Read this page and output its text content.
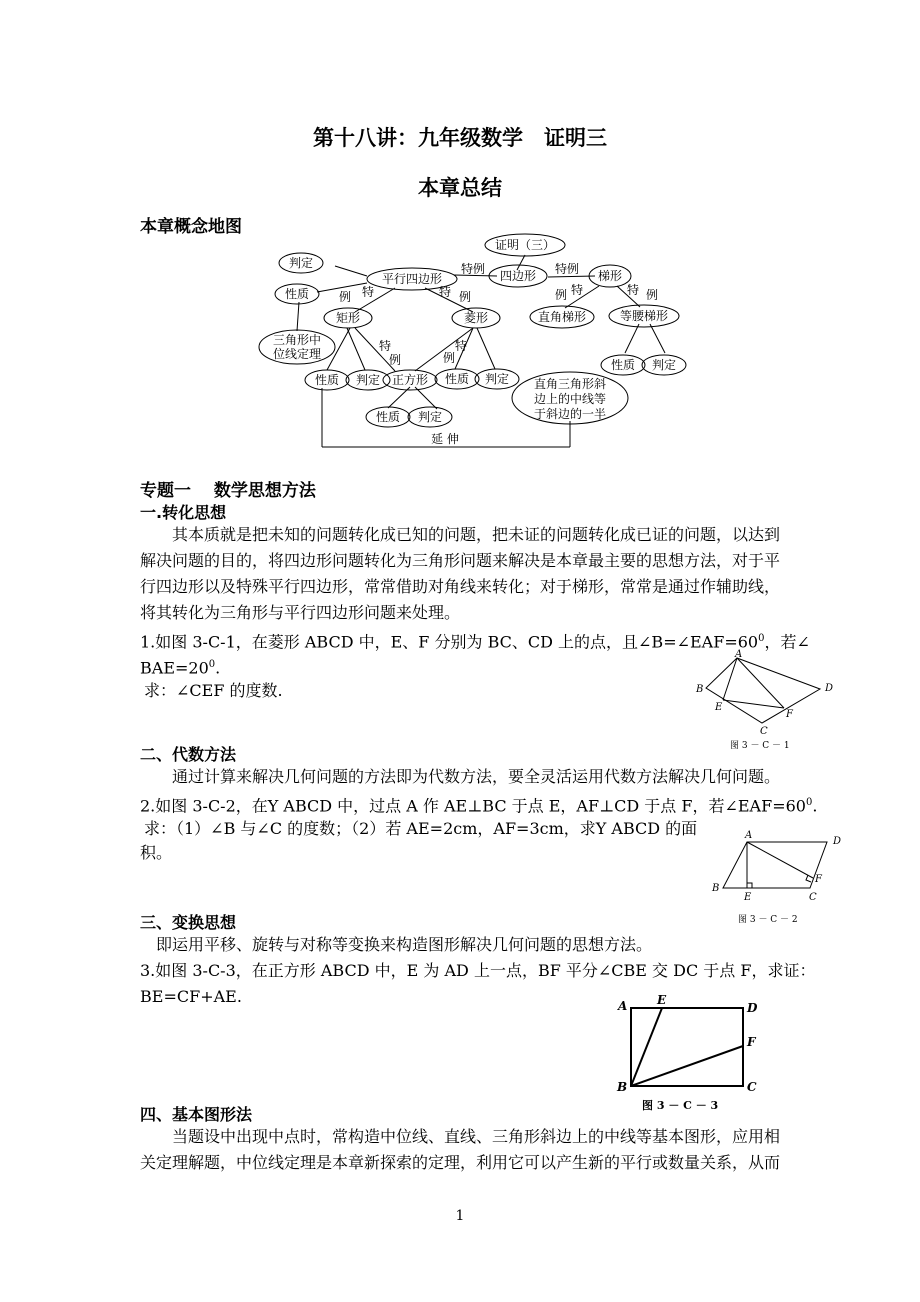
第十八讲：九年级数学　证明三
本章总结
本章概念地图
证明（三）
四边形
平行四边形	梯形
判定
性质
三角形中
位线定理
矩形	菱形
正方形
性质 判定	性质 判定
性质 判定
直角梯形	等腰梯形
性质 判定
直角三角形斜
边上的中线等
于斜边的一半
特例	特例
例 特	特 例
特
例
特
例
例 特	特 例
延 伸
专题一　 数学思想方法
一.转化思想
其本质就是把未知的问题转化成已知的问题，把未证的问题转化成已证的问题，以达到解决问题的目的，将四边形问题转化为三角形问题来解决是本章最主要的思想方法，对于平行四边形以及特殊平行四边形，常常借助对角线来转化；对于梯形，常常是通过作辅助线，将其转化为三角形与平行四边形问题来处理。
1.如图 3-C-1，在菱形 ABCD 中，E、F 分别为 BC、CD 上的点，且$\angle B=\angle EAF=60^0$，若∠
$BAE=20^0$.
求：∠CEF 的度数.
A
B
C
D
E
F
图 3 － C － 1
二、代数方法
通过计算来解决几何问题的方法即为代数方法，要全灵活运用代数方法解决几何问题。
2.如图 3-C-2，在Y ABCD 中，过点 A 作 AE⊥BC 于点 E，AF⊥CD 于点 F，若$\angle EAF=60^0$.
求：（1）∠B 与∠C 的度数；（2）若 AE=2cm，AF=3cm，求Y ABCD 的面
积。
A
B
C
D
E
F
图 3 － C － 2
三、变换思想
即运用平移、旋转与对称等变换来构造图形解决几何问题的思想方法。
3.如图 3-C-3，在正方形 ABCD 中，E 为 AD 上一点，BF 平分∠CBE 交 DC 于点 F，求证：
BE=CF+AE.	A E
D
F
B	C
图 3 － C － 3
四、基本图形法
当题设中出现中点时，常构造中位线、直线、三角形斜边上的中线等基本图形，应用相关定理解题，中位线定理是本章新探索的定理，利用它可以产生新的平行或数量关系，从而
1
